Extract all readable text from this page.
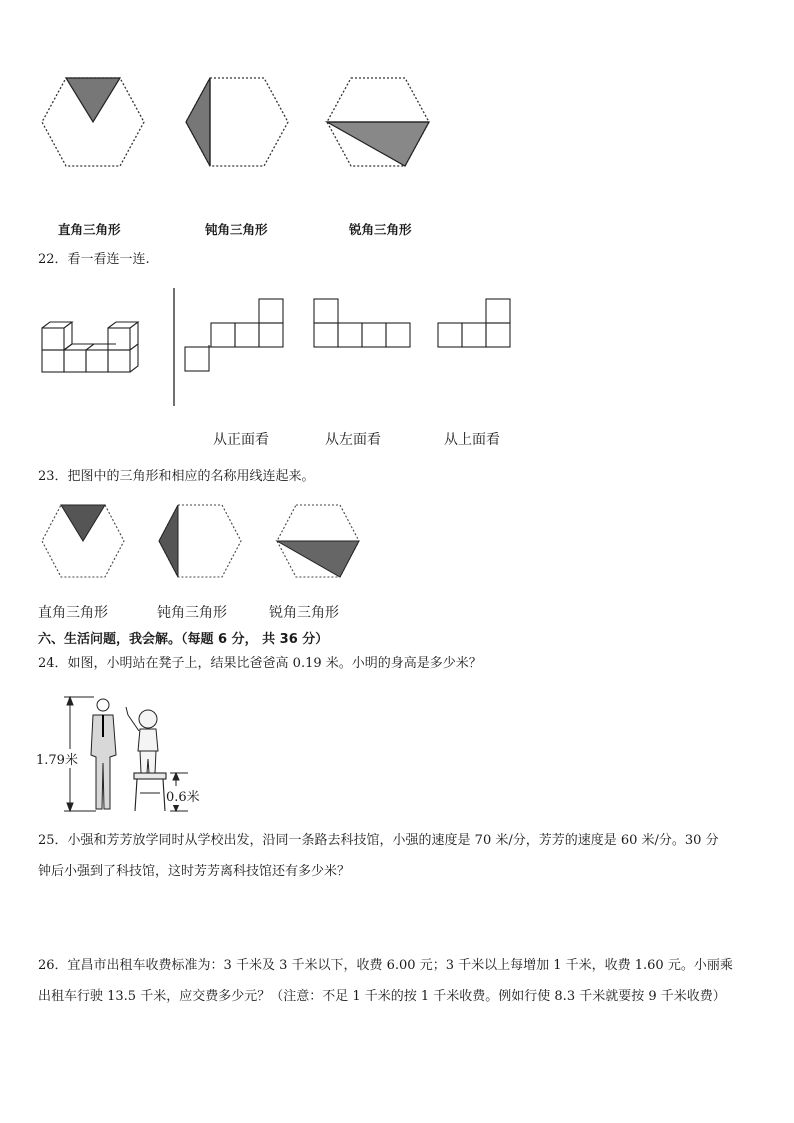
直角三角形	钝角三角形	锐角三角形
22．看一看连一连.
从正面看	从左面看	从上面看
23．把图中的三角形和相应的名称用线连起来。
直角三角形	钝角三角形	锐角三角形
六、生活问题，我会解。（每题 6 分， 共 36 分）
24．如图，小明站在凳子上，结果比爸爸高 0.19 米。小明的身高是多少米？
1.79米
0.6米
25．小强和芳芳放学同时从学校出发，沿同一条路去科技馆，小强的速度是 70 米/分，芳芳的速度是 60 米/分。30 分
钟后小强到了科技馆，这时芳芳离科技馆还有多少米？
26．宜昌市出租车收费标准为：3 千米及 3 千米以下，收费 6.00 元；3 千米以上每增加 1 千米，收费 1.60 元。小丽乘
出租车行驶 13.5 千米，应交费多少元？（注意：不足 1 千米的按 1 千米收费。例如行使 8.3 千米就要按 9 千米收费）
